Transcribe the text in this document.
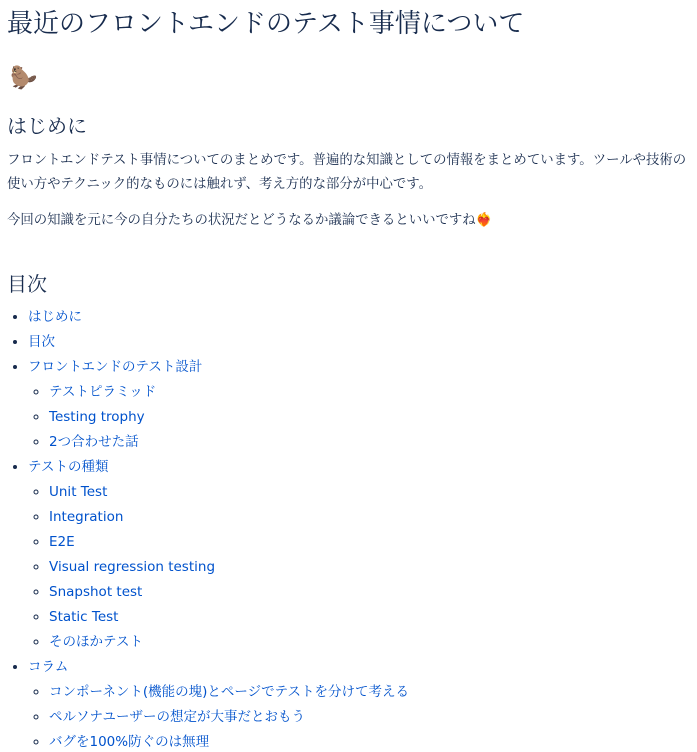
最近のフロントエンドのテスト事情について
🦫
はじめに

フロントエンドテスト事情についてのまとめです。普遍的な知識としての情報をまとめています。ツールや技術の使い方やテクニック的なものには触れず、考え方的な部分が中心です。

今回の知識を元に今の自分たちの状況だとどうなるか議論できるといいですね❤️‍🔥

目次
• はじめに
• 目次
• フロントエンドのテスト設計
◦ テストピラミッド
◦ Testing trophy
◦ 2つ合わせた話
• テストの種類
◦ Unit Test
◦ Integration
◦ E2E
◦ Visual regression testing
◦ Snapshot test
◦ Static Test
◦ そのほかテスト
• コラム
◦ コンポーネント(機能の塊)とページでテストを分けて考える
◦ ペルソナユーザーの想定が大事だとおもう
◦ バグを100%防ぐのは無理
